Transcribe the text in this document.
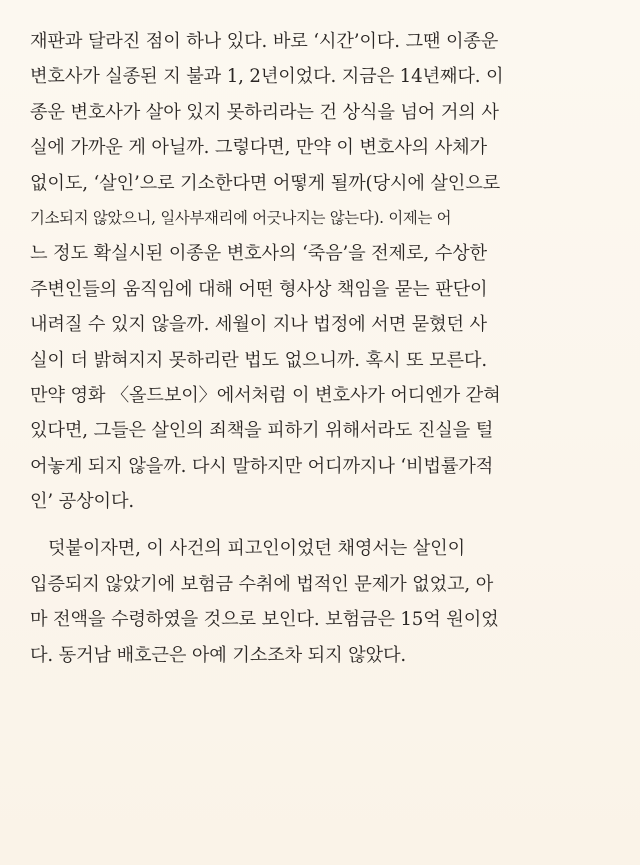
재판과 달라진 점이 하나 있다. 바로 ‘시간’이다. 그땐 이종운
변호사가 실종된 지 불과 1, 2년이었다. 지금은 14년째다. 이
종운 변호사가 살아 있지 못하리라는 건 상식을 넘어 거의 사
실에 가까운 게 아닐까. 그렇다면, 만약 이 변호사의 사체가
없이도, ‘살인’으로 기소한다면 어떻게 될까(당시에 살인으로
기소되지 않았으니, 일사부재리에 어긋나지는 않는다). 이제는 어
느 정도 확실시된 이종운 변호사의 ‘죽음’을 전제로, 수상한
주변인들의 움직임에 대해 어떤 형사상 책임을 묻는 판단이
내려질 수 있지 않을까. 세월이 지나 법정에 서면 묻혔던 사
실이 더 밝혀지지 못하리란 법도 없으니까. 혹시 또 모른다.
만약 영화 〈올드보이〉에서처럼 이 변호사가 어디엔가 갇혀
있다면, 그들은 살인의 죄책을 피하기 위해서라도 진실을 털
어놓게 되지 않을까. 다시 말하지만 어디까지나 ‘비법률가적
인’ 공상이다.
덧붙이자면, 이 사건의 피고인이었던 채영서는 살인이
입증되지 않았기에 보험금 수취에 법적인 문제가 없었고, 아
마 전액을 수령하였을 것으로 보인다. 보험금은 15억 원이었
다. 동거남 배호근은 아예 기소조차 되지 않았다.
